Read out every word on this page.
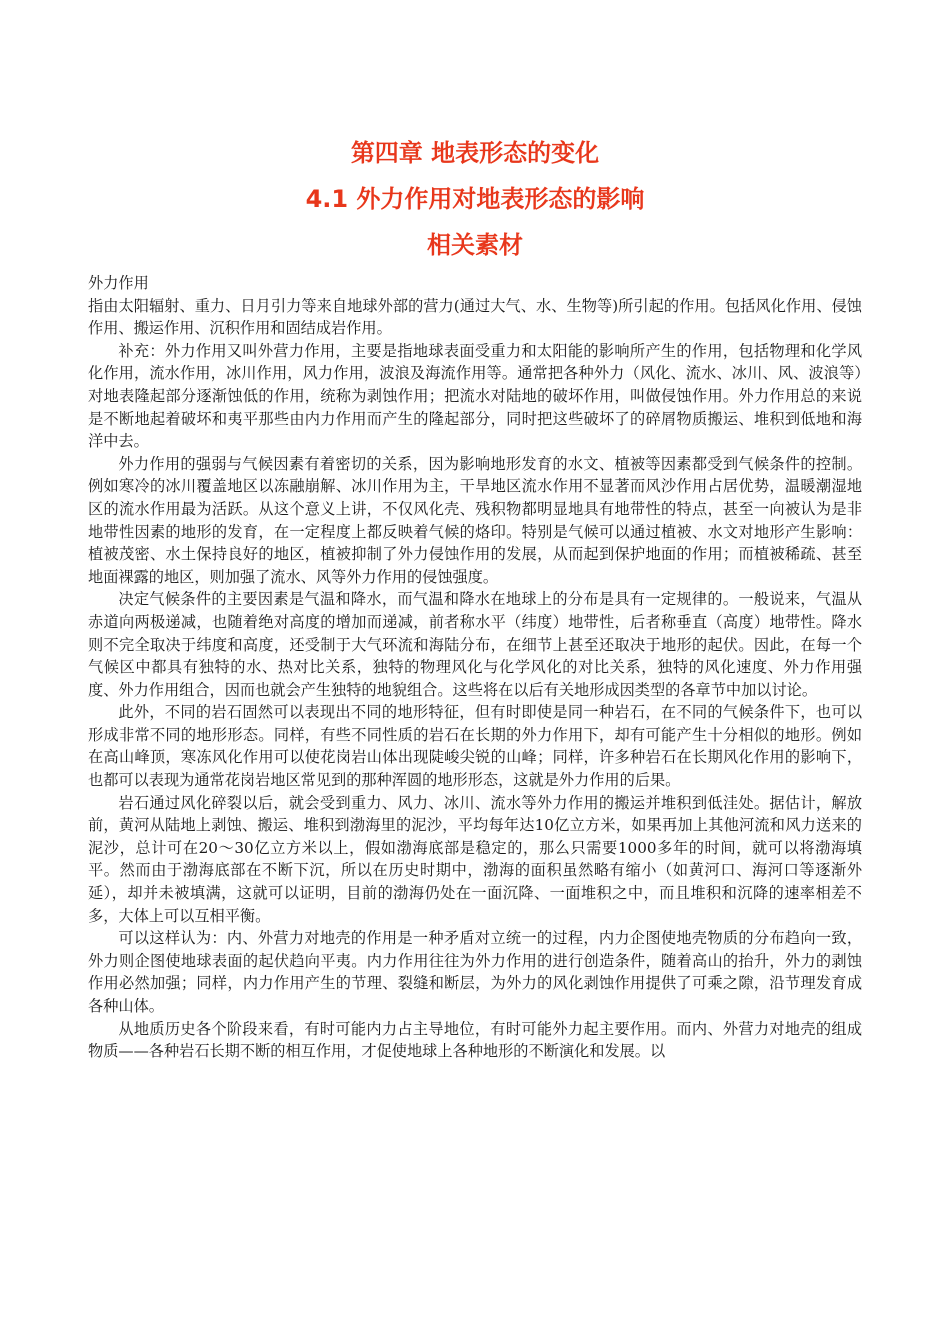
第四章 地表形态的变化
4.1 外力作用对地表形态的影响
相关素材

外力作用

指由太阳辐射、重力、日月引力等来自地球外部的营力(通过大气、水、生物等)所引起的作用。包括风化作用、侵蚀作用、搬运作用、沉积作用和固结成岩作用。

补充：外力作用又叫外营力作用，主要是指地球表面受重力和太阳能的影响所产生的作用，包括物理和化学风化作用，流水作用，冰川作用，风力作用，波浪及海流作用等。通常把各种外力（风化、流水、冰川、风、波浪等）对地表隆起部分逐渐蚀低的作用，统称为剥蚀作用；把流水对陆地的破坏作用，叫做侵蚀作用。外力作用总的来说是不断地起着破坏和夷平那些由内力作用而产生的隆起部分，同时把这些破坏了的碎屑物质搬运、堆积到低地和海洋中去。

外力作用的强弱与气候因素有着密切的关系，因为影响地形发育的水文、植被等因素都受到气候条件的控制。例如寒冷的冰川覆盖地区以冻融崩解、冰川作用为主，干旱地区流水作用不显著而风沙作用占居优势，温暖潮湿地区的流水作用最为活跃。从这个意义上讲，不仅风化壳、残积物都明显地具有地带性的特点，甚至一向被认为是非地带性因素的地形的发育，在一定程度上都反映着气候的烙印。特别是气候可以通过植被、水文对地形产生影响：植被茂密、水土保持良好的地区，植被抑制了外力侵蚀作用的发展，从而起到保护地面的作用；而植被稀疏、甚至地面裸露的地区，则加强了流水、风等外力作用的侵蚀强度。

决定气候条件的主要因素是气温和降水，而气温和降水在地球上的分布是具有一定规律的。一般说来，气温从赤道向两极递减，也随着绝对高度的增加而递减，前者称水平（纬度）地带性，后者称垂直（高度）地带性。降水则不完全取决于纬度和高度，还受制于大气环流和海陆分布，在细节上甚至还取决于地形的起伏。因此，在每一个气候区中都具有独特的水、热对比关系，独特的物理风化与化学风化的对比关系，独特的风化速度、外力作用强度、外力作用组合，因而也就会产生独特的地貌组合。这些将在以后有关地形成因类型的各章节中加以讨论。

此外，不同的岩石固然可以表现出不同的地形特征，但有时即使是同一种岩石，在不同的气候条件下，也可以形成非常不同的地形形态。同样，有些不同性质的岩石在长期的外力作用下，却有可能产生十分相似的地形。例如在高山峰顶，寒冻风化作用可以使花岗岩山体出现陡峻尖锐的山峰；同样，许多种岩石在长期风化作用的影响下，也都可以表现为通常花岗岩地区常见到的那种浑圆的地形形态，这就是外力作用的后果。

岩石通过风化碎裂以后，就会受到重力、风力、冰川、流水等外力作用的搬运并堆积到低洼处。据估计，解放前，黄河从陆地上剥蚀、搬运、堆积到渤海里的泥沙，平均每年达10亿立方米，如果再加上其他河流和风力送来的泥沙，总计可在20～30亿立方米以上，假如渤海底部是稳定的，那么只需要1000多年的时间，就可以将渤海填平。然而由于渤海底部在不断下沉，所以在历史时期中，渤海的面积虽然略有缩小（如黄河口、海河口等逐渐外延），却并未被填满，这就可以证明，目前的渤海仍处在一面沉降、一面堆积之中，而且堆积和沉降的速率相差不多，大体上可以互相平衡。

可以这样认为：内、外营力对地壳的作用是一种矛盾对立统一的过程，内力企图使地壳物质的分布趋向一致，外力则企图使地球表面的起伏趋向平夷。内力作用往往为外力作用的进行创造条件，随着高山的抬升，外力的剥蚀作用必然加强；同样，内力作用产生的节理、裂缝和断层，为外力的风化剥蚀作用提供了可乘之隙，沿节理发育成各种山体。

从地质历史各个阶段来看，有时可能内力占主导地位，有时可能外力起主要作用。而内、外营力对地壳的组成物质——各种岩石长期不断的相互作用，才促使地球上各种地形的不断演化和发展。以
